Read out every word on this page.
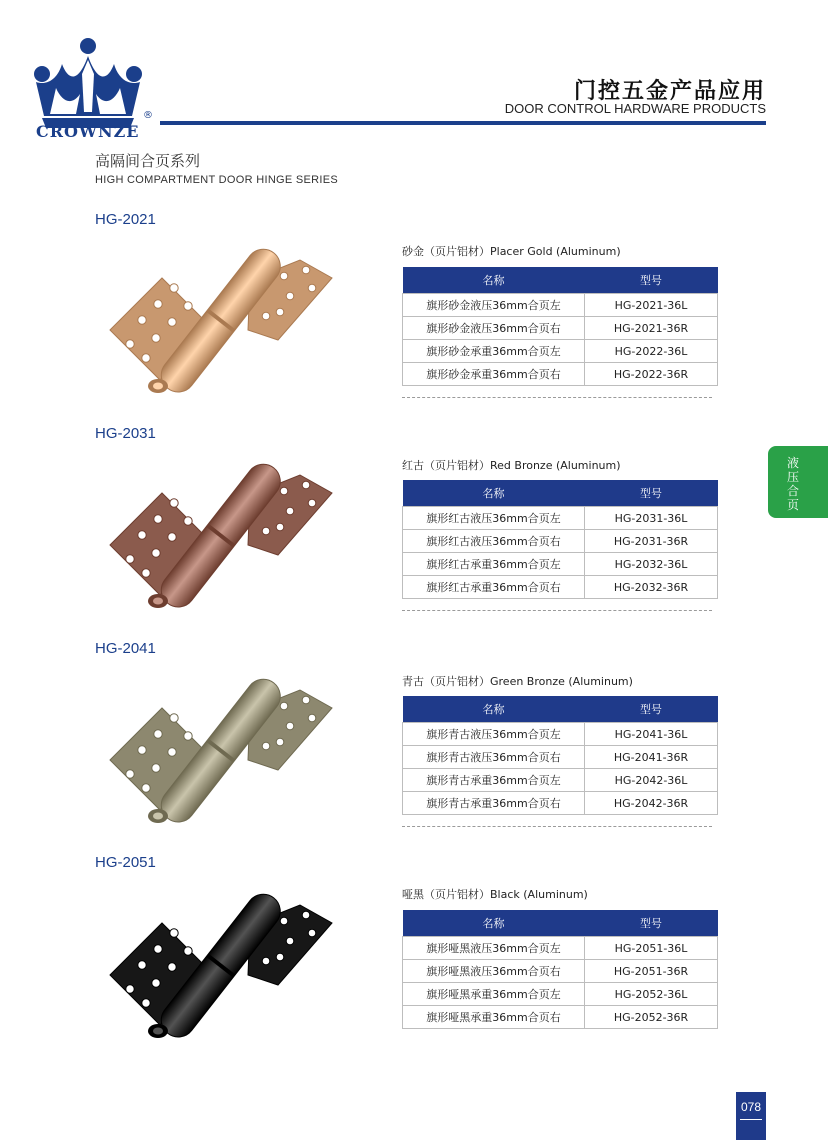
CROWNZE
®
门控五金产品应用
DOOR CONTROL HARDWARE PRODUCTS
高隔间合页系列
HIGH COMPARTMENT DOOR HINGE SERIES
液压合页
HG-2021
砂金（页片铝材）Placer Gold (Aluminum)
名称	型号
旗形砂金液压36mm合页左	HG-2021-36L
旗形砂金液压36mm合页右	HG-2021-36R
旗形砂金承重36mm合页左	HG-2022-36L
旗形砂金承重36mm合页右	HG-2022-36R
HG-2031
红古（页片铝材）Red Bronze (Aluminum)
名称	型号
旗形红古液压36mm合页左	HG-2031-36L
旗形红古液压36mm合页右	HG-2031-36R
旗形红古承重36mm合页左	HG-2032-36L
旗形红古承重36mm合页右	HG-2032-36R
HG-2041
青古（页片铝材）Green Bronze (Aluminum)
名称	型号
旗形青古液压36mm合页左	HG-2041-36L
旗形青古液压36mm合页右	HG-2041-36R
旗形青古承重36mm合页左	HG-2042-36L
旗形青古承重36mm合页右	HG-2042-36R
HG-2051
哑黑（页片铝材）Black (Aluminum)
名称	型号
旗形哑黑液压36mm合页左	HG-2051-36L
旗形哑黑液压36mm合页右	HG-2051-36R
旗形哑黑承重36mm合页左	HG-2052-36L
旗形哑黑承重36mm合页右	HG-2052-36R
078
